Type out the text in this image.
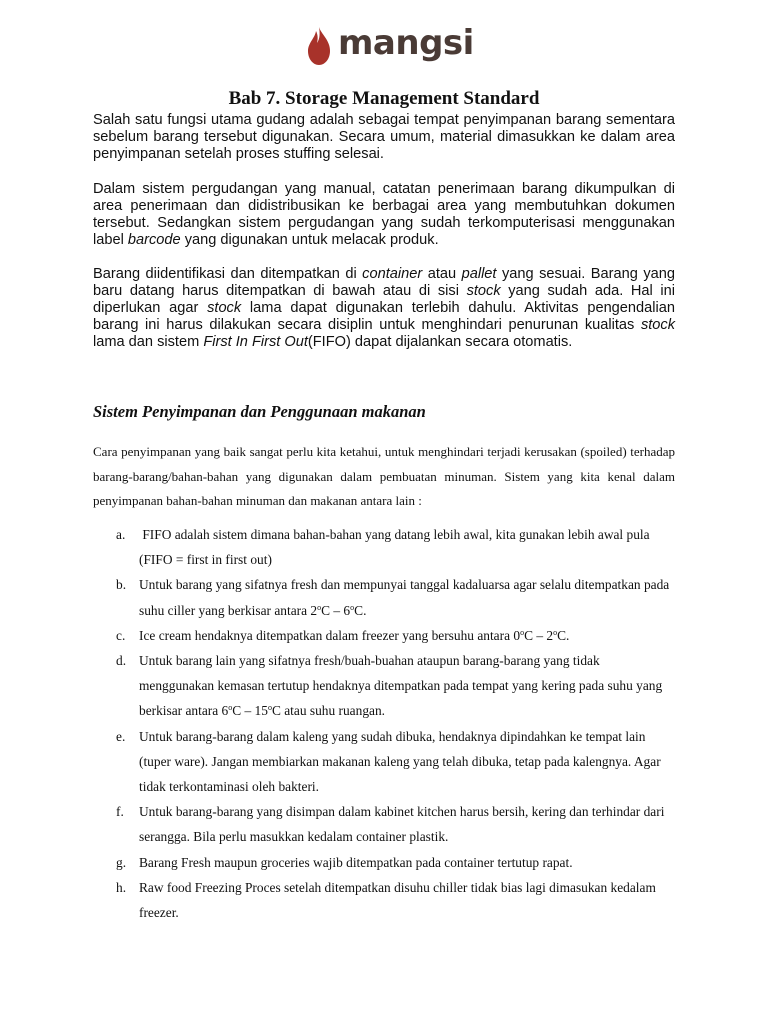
mangsi
Bab 7. Storage Management Standard

Salah satu fungsi utama gudang adalah sebagai tempat penyimpanan barang sementara sebelum barang tersebut digunakan. Secara umum, material dimasukkan ke dalam area penyimpanan setelah proses stuffing selesai.

Dalam sistem pergudangan yang manual, catatan penerimaan barang dikumpulkan di area penerimaan dan didistribusikan ke berbagai area yang membutuhkan dokumen tersebut. Sedangkan sistem pergudangan yang sudah terkomputerisasi menggunakan label barcode yang digunakan untuk melacak produk.

Barang diidentifikasi dan ditempatkan di container atau pallet yang sesuai. Barang yang baru datang harus ditempatkan di bawah atau di sisi stock yang sudah ada. Hal ini diperlukan agar stock lama dapat digunakan terlebih dahulu. Aktivitas pengendalian barang ini harus dilakukan secara disiplin untuk menghindari penurunan kualitas stock lama dan sistem First In First Out(FIFO) dapat dijalankan secara otomatis.

Sistem Penyimpanan dan Penggunaan makanan

Cara penyimpanan yang baik sangat perlu kita ketahui, untuk menghindari terjadi kerusakan (spoiled) terhadap barang-barang/bahan-bahan yang digunakan dalam pembuatan minuman. Sistem yang kita kenal dalam penyimpanan bahan-bahan minuman dan makanan antara lain :

a.	FIFO adalah sistem dimana bahan-bahan yang datang lebih awal, kita gunakan lebih awal pula (FIFO = first in first out)
b. Untuk barang yang sifatnya fresh dan mempunyai tanggal kadaluarsa agar selalu ditempatkan pada suhu ciller yang berkisar antara 2$^o$C – 6$^o$C.
c.	Ice cream hendaknya ditempatkan dalam freezer yang bersuhu antara 0$^o$C – 2$^o$C.
d. Untuk barang lain yang sifatnya fresh/buah-buahan ataupun barang-barang yang tidak menggunakan kemasan tertutup hendaknya ditempatkan pada tempat yang kering pada suhu yang berkisar antara 6$^o$C – 15$^o$C atau suhu ruangan.
e.	Untuk barang-barang dalam kaleng yang sudah dibuka, hendaknya dipindahkan ke tempat lain (tuper ware). Jangan membiarkan makanan kaleng yang telah dibuka, tetap pada kalengnya. Agar tidak terkontaminasi oleh bakteri.
f.	Untuk barang-barang yang disimpan dalam kabinet kitchen harus bersih, kering dan terhindar dari serangga. Bila perlu masukkan kedalam container plastik.
g. Barang Fresh maupun groceries wajib ditempatkan pada container tertutup rapat.
h. Raw food Freezing Proces setelah ditempatkan disuhu chiller tidak bias lagi dimasukan kedalam freezer.
